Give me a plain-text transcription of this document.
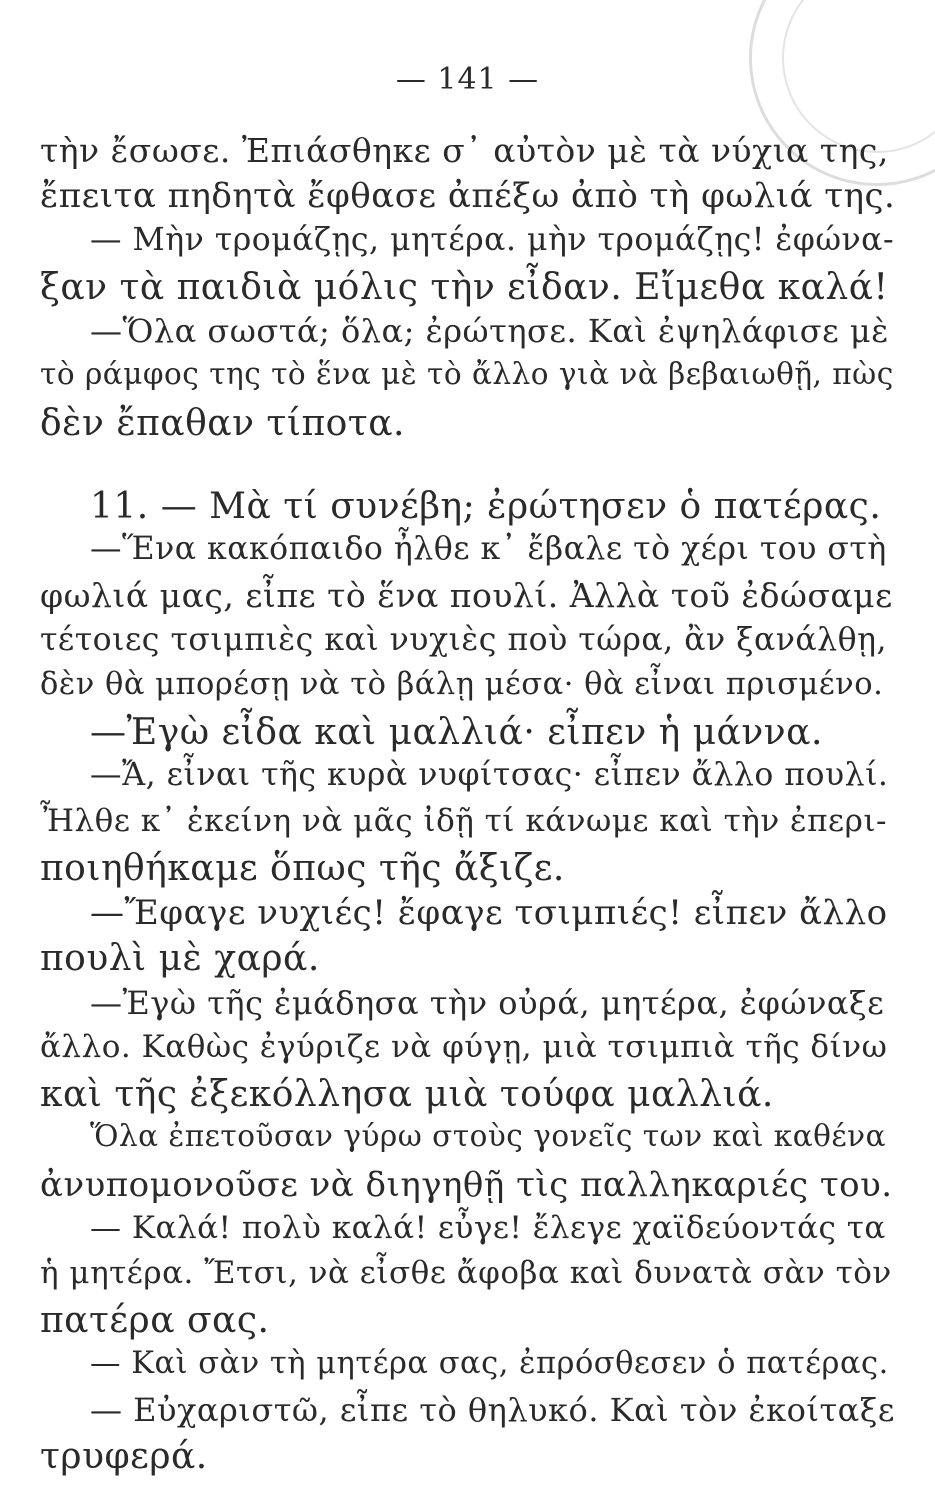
— 141 —
τὴν ἔσωσε. Ἐπιάσθηκε σ᾽ αὐτὸν μὲ τὰ νύχια της,
ἔπειτα πηδητὰ ἔφθασε ἀπέξω ἀπὸ τὴ φωλιά της.
— Μὴν τρομάζῃς, μητέρα. μὴν τρομάζῃς! ἐφώνα-
ξαν τὰ παιδιὰ μόλις τὴν εἶδαν. Εἴμεθα καλά!
—Ὅλα σωστά; ὅλα; ἐρώτησε. Καὶ ἐψηλάφισε μὲ
τὸ ράμφος της τὸ ἕνα μὲ τὸ ἄλλο γιὰ νὰ βεβαιωθῇ, πὼς
δὲν ἔπαθαν τίποτα.
11. — Μὰ τί συνέβη; ἐρώτησεν ὁ πατέρας.
—Ἕνα κακόπαιδο ἦλθε κ᾽ ἔβαλε τὸ χέρι του στὴ
φωλιά μας, εἶπε τὸ ἕνα πουλί. Ἀλλὰ τοῦ ἐδώσαμε
τέτοιες τσιμπιὲς καὶ νυχιὲς ποὺ τώρα, ἂν ξανάλθῃ,
δὲν θὰ μπορέσῃ νὰ τὸ βάλῃ μέσα· θὰ εἶναι πρισμένο.
—Ἐγὼ εἶδα καὶ μαλλιά· εἶπεν ἡ μάννα.
—Ἄ, εἶναι τῆς κυρὰ νυφίτσας· εἶπεν ἄλλο πουλί.
Ἦλθε κ᾽ ἐκείνη νὰ μᾶς ἰδῇ τί κάνωμε καὶ τὴν ἐπερι-
ποιηθήκαμε ὅπως τῆς ἄξιζε.
—Ἔφαγε νυχιές! ἔφαγε τσιμπιές! εἶπεν ἄλλο
πουλὶ μὲ χαρά.
—Ἐγὼ τῆς ἐμάδησα τὴν οὐρά, μητέρα, ἐφώναξε
ἄλλο. Καθὼς ἐγύριζε νὰ φύγῃ, μιὰ τσιμπιὰ τῆς δίνω
καὶ τῆς ἐξεκόλλησα μιὰ τούφα μαλλιά.
Ὅλα ἐπετοῦσαν γύρω στοὺς γονεῖς των καὶ καθένα
ἀνυπομονοῦσε νὰ διηγηθῇ τὶς παλληκαριές του.
— Καλά! πολὺ καλά! εὖγε! ἔλεγε χαϊδεύοντάς τα
ἡ μητέρα. Ἔτσι, νὰ εἶσθε ἄφοβα καὶ δυνατὰ σὰν τὸν
πατέρα σας.
— Καὶ σὰν τὴ μητέρα σας, ἐπρόσθεσεν ὁ πατέρας.
— Εὐχαριστῶ, εἶπε τὸ θηλυκό. Καὶ τὸν ἐκοίταξε
τρυφερά.
